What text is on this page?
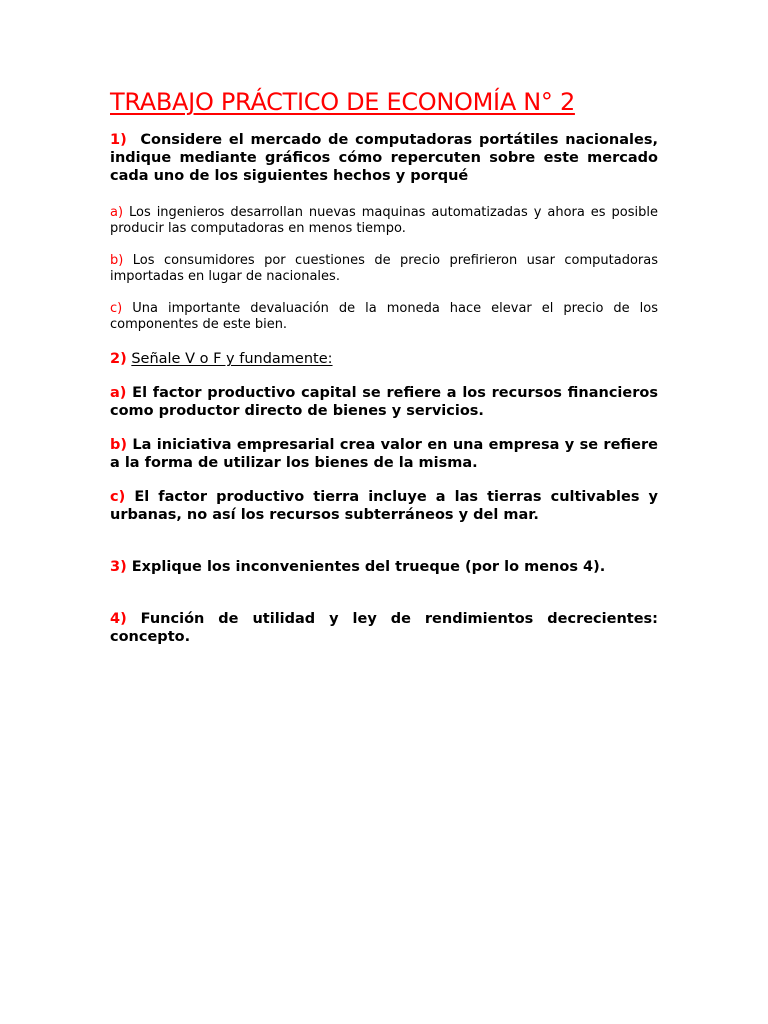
TRABAJO PRÁCTICO DE ECONOMÍA N° 2

1) Considere el mercado de computadoras portátiles nacionales, indique mediante gráficos cómo repercuten sobre este mercado cada uno de los siguientes hechos y porqué

a) Los ingenieros desarrollan nuevas maquinas automatizadas y ahora es posible producir las computadoras en menos tiempo.

b) Los consumidores por cuestiones de precio prefirieron usar computadoras importadas en lugar de nacionales.

c) Una importante devaluación de la moneda hace elevar el precio de los componentes de este bien.

2) Señale V o F y fundamente:

a) El factor productivo capital se refiere a los recursos financieros como productor directo de bienes y servicios.

b) La iniciativa empresarial crea valor en una empresa y se refiere a la forma de utilizar los bienes de la misma.

c) El factor productivo tierra incluye a las tierras cultivables y urbanas, no así los recursos subterráneos y del mar.

3) Explique los inconvenientes del trueque (por lo menos 4).

4) Función de utilidad y ley de rendimientos decrecientes: concepto.
